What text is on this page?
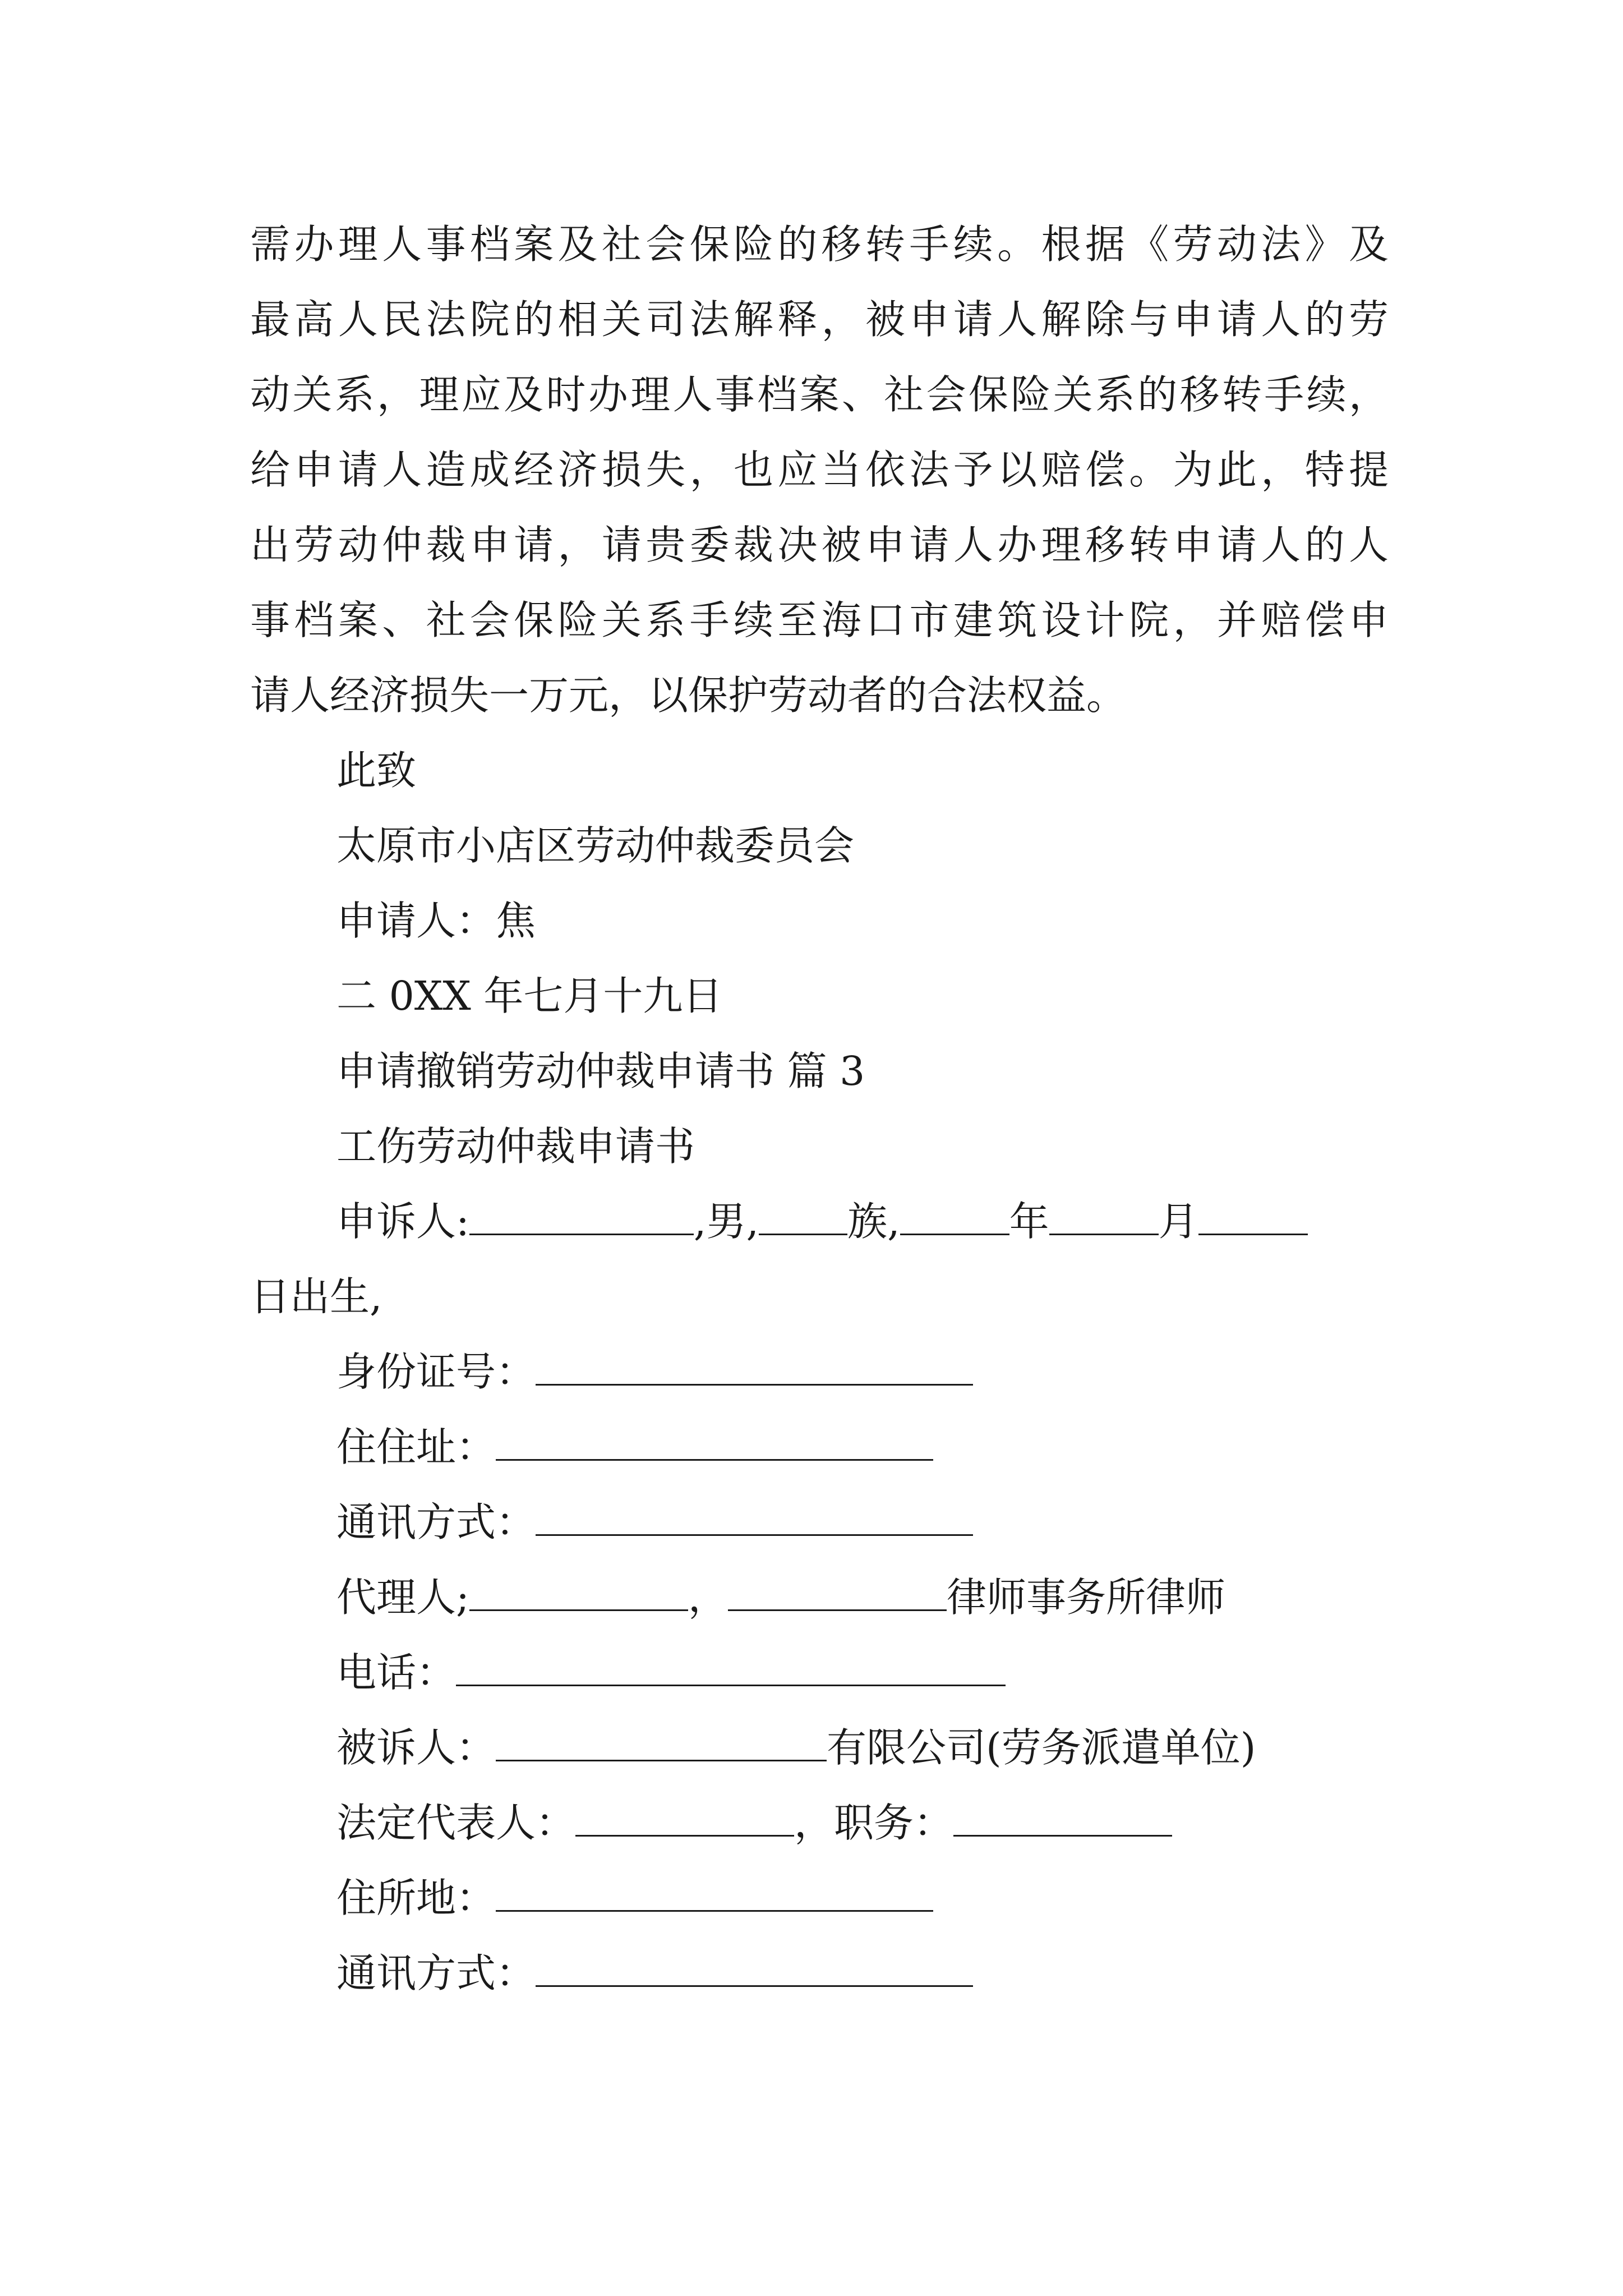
需办理人事档案及社会保险的移转手续。根据《劳动法》及
最高人民法院的相关司法解释，被申请人解除与申请人的劳
动关系，理应及时办理人事档案、社会保险关系的移转手续，
给申请人造成经济损失，也应当依法予以赔偿。为此，特提
出劳动仲裁申请，请贵委裁决被申请人办理移转申请人的人
事档案、社会保险关系手续至海口市建筑设计院，并赔偿申
请人经济损失一万元，以保护劳动者的合法权益。
此致
太原市小店区劳动仲裁委员会
申请人：焦
二 0XX 年七月十九日
申请撤销劳动仲裁申请书 篇 3
工伤劳动仲裁申请书
申诉人:	,男, 族,	年	月
日出生,
身份证号：
住住址：
通讯方式：
代理人;	，	律师事务所律师
电话：
被诉人：	有限公司(劳务派遣单位)
法定代表人：	，职务：
住所地：
通讯方式：
